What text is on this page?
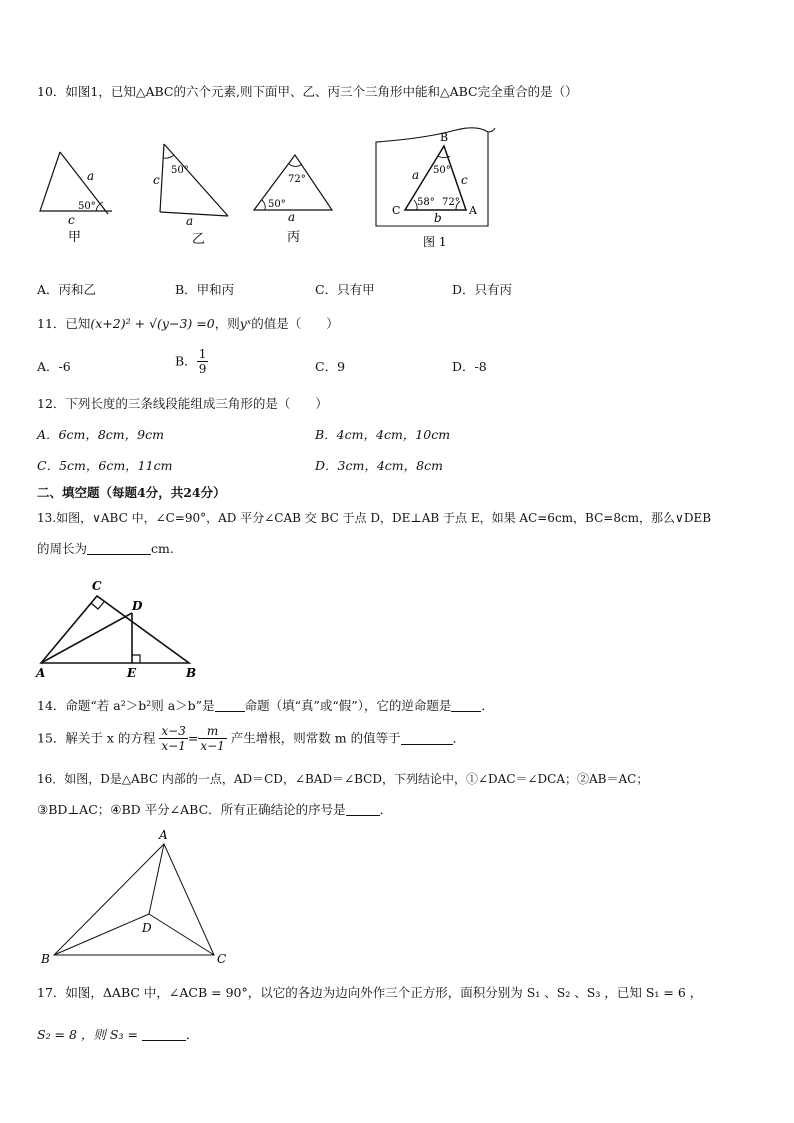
10．如图1，已知△ABC的六个元素,则下面甲、乙、丙三个三角形中能和△ABC完全重合的是（）
a
50°
c
甲
50°
c
a
乙
72°
50°
a
丙
B
a	c
50°
58° 72°
C	A
b
图 1
A．丙和乙	B．甲和丙	C．只有甲	D．只有丙
11．已知(x+2)² + √(y−3) =0，则yˣ的值是（　　）
A．-6	B． $\frac{1}{9}$	C．9	D．-8
12．下列长度的三条线段能组成三角形的是（　　）
A．6cm，8cm，9cm	B．4cm，4cm，10cm
C．5cm，6cm，11cm	D．3cm，4cm，8cm
二、填空题（每题4分，共24分）
13.如图，∨ABC 中，∠C=90°，AD 平分∠CAB 交 BC 于点 D，DE⊥AB 于点 E，如果 AC=6cm，BC=8cm，那么∨DEB
的周长为	cm.
C
D
A	E	B
14．命题“若 a²＞b²则 a＞b”是 命题（填“真”或“假”），它的逆命题是 ．
15．解关于 x 的方程 $\frac{x-3}{x-1} = \frac{m}{x-1}$ 产生增根，则常数 m 的值等于	．
16．如图，D是△ABC 内部的一点，AD＝CD，∠BAD＝∠BCD，下列结论中，①∠DAC＝∠DCA；②AB＝AC；
③BD⊥AC；④BD 平分∠ABC．所有正确结论的序号是	．
A
D
B	C
17．如图，ΔABC 中，∠ACB = 90°，以它的各边为边向外作三个正方形，面积分别为 S₁ 、S₂ 、S₃ ，已知 S₁ = 6 ，
S₂ = 8 ，则 S₃ =	．
